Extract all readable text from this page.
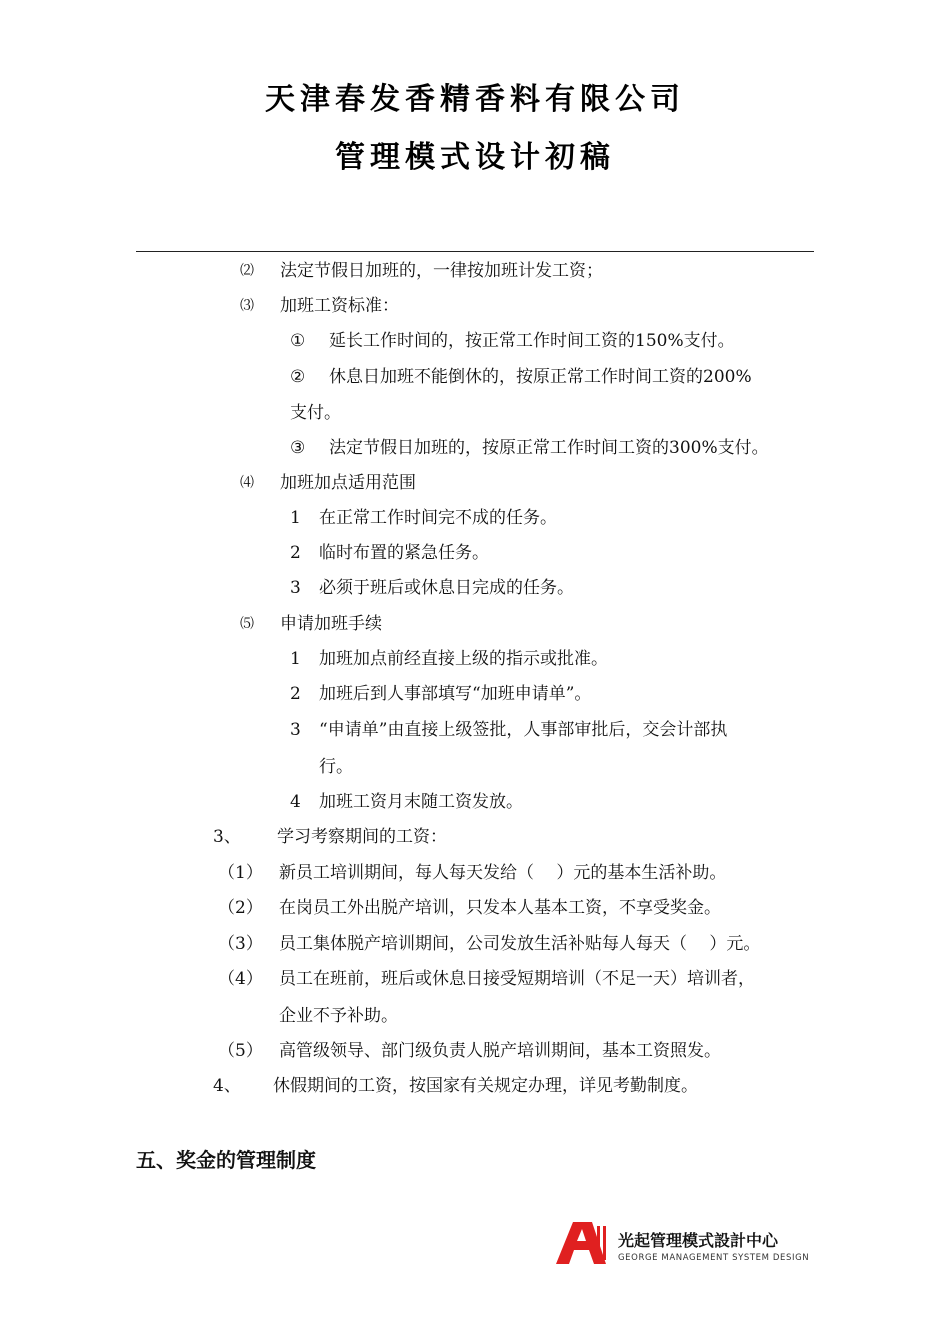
天津春发香精香料有限公司
管理模式设计初稿
⑵ 法定节假日加班的，一律按加班计发工资；
⑶ 加班工资标准：
① 延长工作时间的，按正常工作时间工资的150%支付。
② 休息日加班不能倒休的，按原正常工作时间工资的200%
支付。
③ 法定节假日加班的，按原正常工作时间工资的300%支付。
⑷ 加班加点适用范围
1 在正常工作时间完不成的任务。
2 临时布置的紧急任务。
3 必须于班后或休息日完成的任务。
⑸ 申请加班手续
1 加班加点前经直接上级的指示或批准。
2 加班后到人事部填写“加班申请单”。
3 “申请单”由直接上级签批，人事部审批后，交会计部执
行。
4 加班工资月末随工资发放。
3、 学习考察期间的工资：
（1） 新员工培训期间，每人每天发给（　 ）元的基本生活补助。
（2） 在岗员工外出脱产培训，只发本人基本工资，不享受奖金。
（3） 员工集体脱产培训期间，公司发放生活补贴每人每天（　 ）元。
（4） 员工在班前，班后或休息日接受短期培训（不足一天）培训者，
企业不予补助。
（5） 高管级领导、部门级负责人脱产培训期间，基本工资照发。
4、 休假期间的工资，按国家有关规定办理，详见考勤制度。
五、奖金的管理制度
光起管理模式設計中心
GEORGE MANAGEMENT SYSTEM DESIGN
